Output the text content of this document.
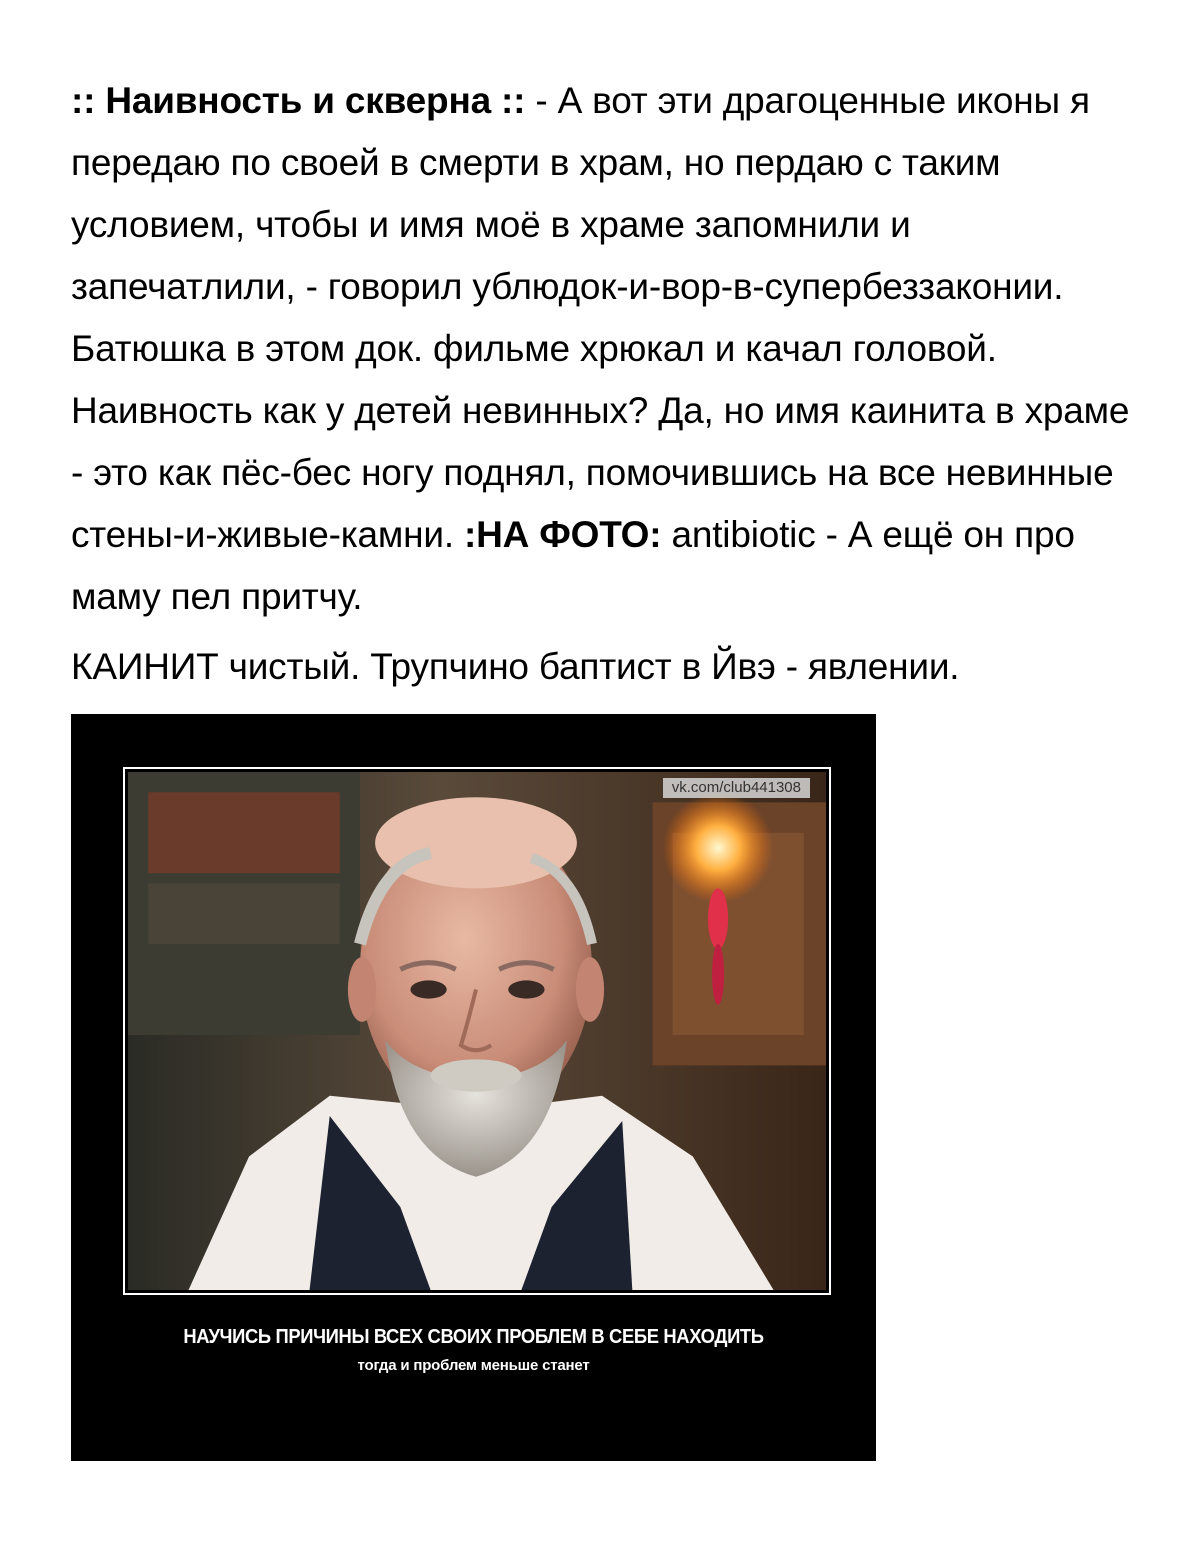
:: Наивность и скверна :: - А вот эти драгоценные иконы я передаю по своей в смерти в храм, но пердаю с таким условием, чтобы и имя моё в храме запомнили и запечатлили, - говорил ублюдок-и-вор-в-супербеззаконии. Батюшка в этом док. фильме хрюкал и качал головой. Наивность как у детей невинных? Да, но имя каинита в храме - это как пёс-бес ногу поднял, помочившись на все невинные стены-и-живые-камни. :НА ФОТО: antibiotic - А ещё он про маму пел притчу.

КАИНИТ чистый. Трупчино баптист в Йвэ - явлении.

vk.com/club441308
НАУЧИСЬ ПРИЧИНЫ ВСЕХ СВОИХ ПРОБЛЕМ В СЕБЕ НАХОДИТЬ
тогда и проблем меньше станет
